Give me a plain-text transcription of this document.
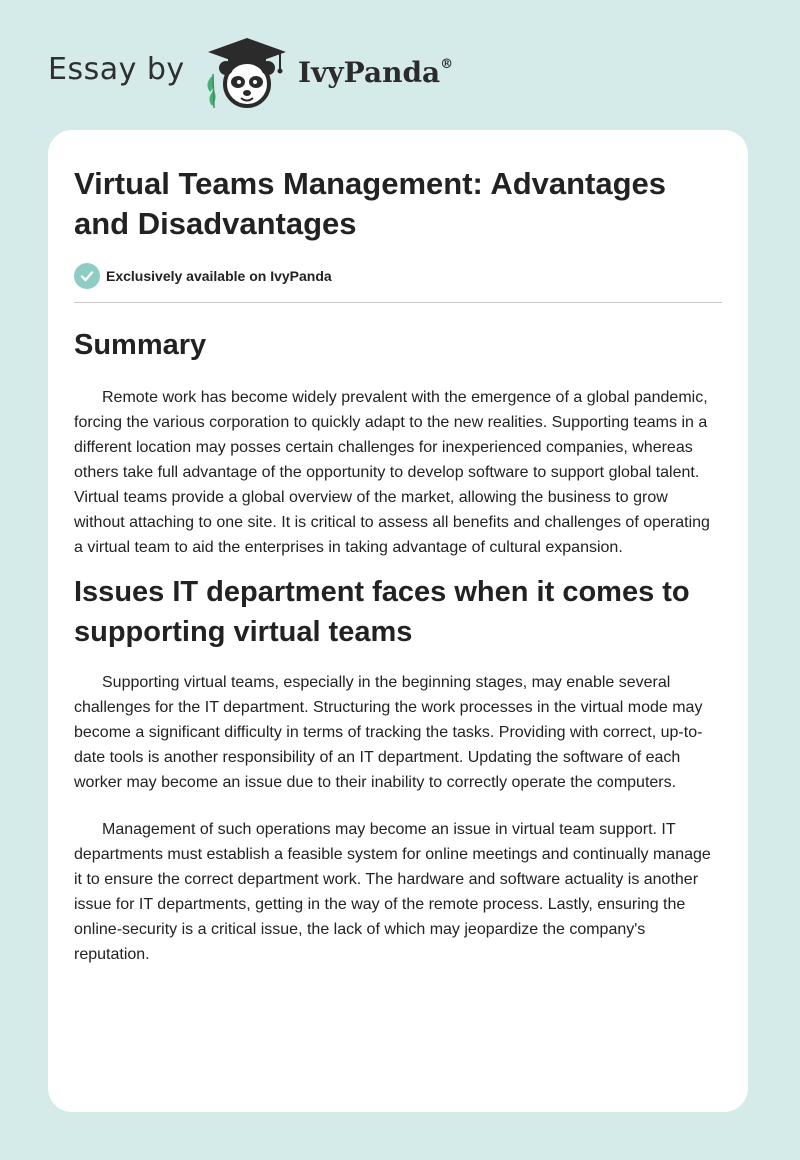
Essay by	IvyPanda®
Virtual Teams Management: Advantages and Disadvantages
Exclusively available on IvyPanda
Summary

Remote work has become widely prevalent with the emergence of a global pandemic, forcing the various corporation to quickly adapt to the new realities. Supporting teams in a different location may posses certain challenges for inexperienced companies, whereas others take full advantage of the opportunity to develop software to support global talent. Virtual teams provide a global overview of the market, allowing the business to grow without attaching to one site. It is critical to assess all benefits and challenges of operating a virtual team to aid the enterprises in taking advantage of cultural expansion.

Issues IT department faces when it comes to supporting virtual teams

Supporting virtual teams, especially in the beginning stages, may enable several challenges for the IT department. Structuring the work processes in the virtual mode may become a significant difficulty in terms of tracking the tasks. Providing with correct, up-to-date tools is another responsibility of an IT department. Updating the software of each worker may become an issue due to their inability to correctly operate the computers.

Management of such operations may become an issue in virtual team support. IT departments must establish a feasible system for online meetings and continually manage it to ensure the correct department work. The hardware and software actuality is another issue for IT departments, getting in the way of the remote process. Lastly, ensuring the online-security is a critical issue, the lack of which may jeopardize the company's reputation.
